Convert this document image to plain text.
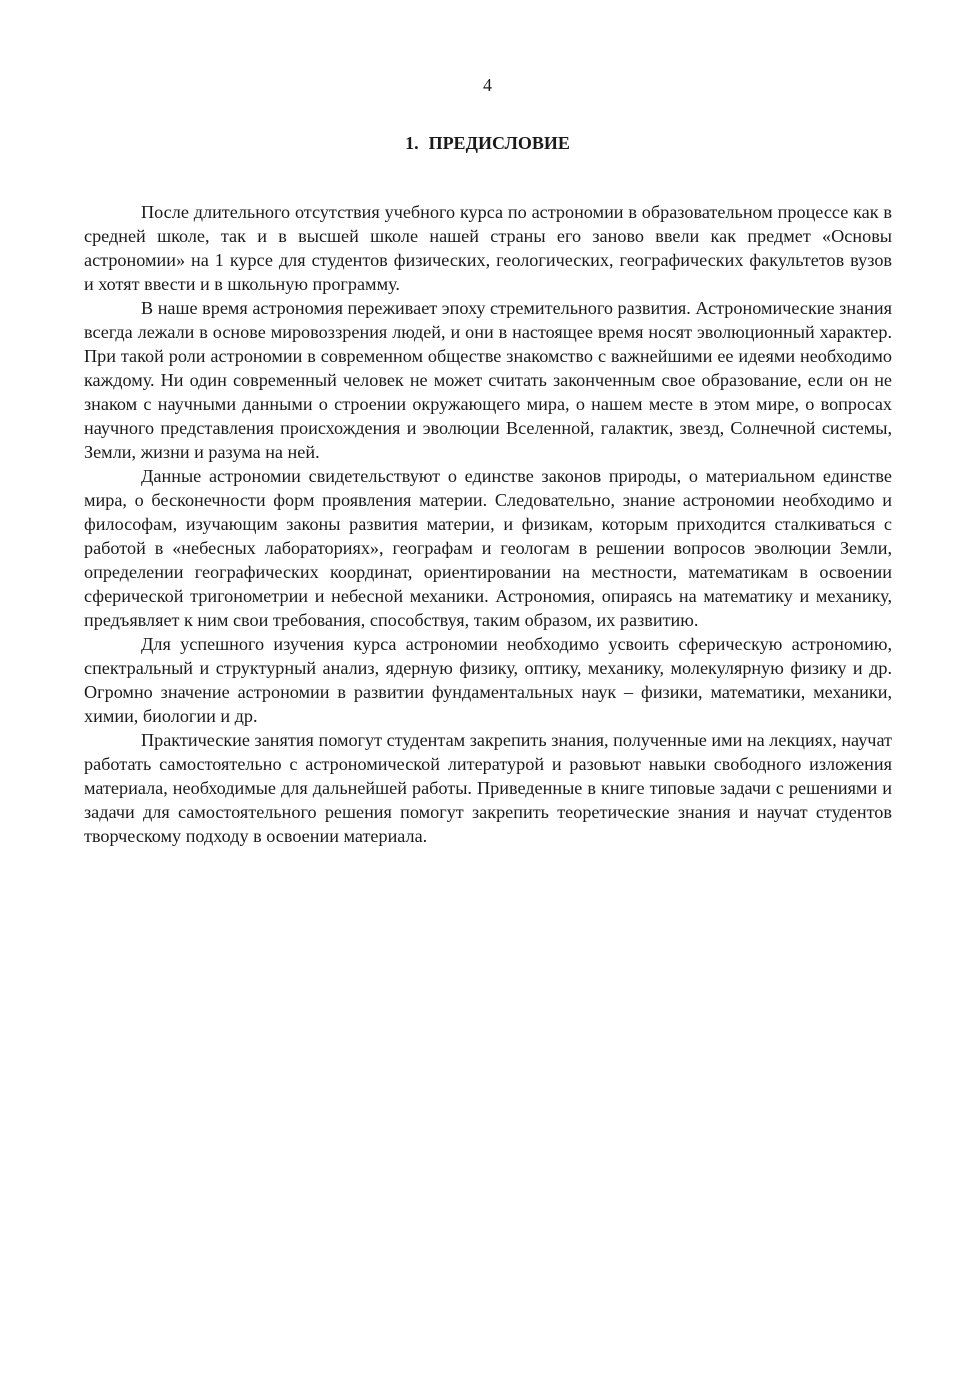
4
1. ПРЕДИСЛОВИЕ

После длительного отсутствия учебного курса по астрономии в образовательном процессе как в средней школе, так и в высшей школе нашей страны его заново ввели как предмет «Основы астрономии» на 1 курсе для студентов физических, геологических, географических факультетов вузов и хотят ввести и в школьную программу.

В наше время астрономия переживает эпоху стремительного развития. Астрономические знания всегда лежали в основе мировоззрения людей, и они в настоящее время носят эволюционный характер. При такой роли астрономии в современном обществе знакомство с важнейшими ее идеями необходимо каждому. Ни один современный человек не может считать законченным свое образование, если он не знаком с научными данными о строении окружающего мира, о нашем месте в этом мире, о вопросах научного представления происхождения и эволюции Вселенной, галактик, звезд, Солнечной системы, Земли, жизни и разума на ней.

Данные астрономии свидетельствуют о единстве законов природы, о материальном единстве мира, о бесконечности форм проявления материи. Следовательно, знание астрономии необходимо и философам, изучающим законы развития материи, и физикам, которым приходится сталкиваться с работой в «небесных лабораториях», географам и геологам в решении вопросов эволюции Земли, определении географических координат, ориентировании на местности, математикам в освоении сферической тригонометрии и небесной механики. Астрономия, опираясь на математику и механику, предъявляет к ним свои требования, способствуя, таким образом, их развитию.

Для успешного изучения курса астрономии необходимо усвоить сферическую астрономию, спектральный и структурный анализ, ядерную физику, оптику, механику, молекулярную физику и др. Огромно значение астрономии в развитии фундаментальных наук – физики, математики, механики, химии, биологии и др.

Практические занятия помогут студентам закрепить знания, полученные ими на лекциях, научат работать самостоятельно с астрономической литературой и разовьют навыки свободного изложения материала, необходимые для дальнейшей работы. Приведенные в книге типовые задачи с решениями и задачи для самостоятельного решения помогут закрепить теоретические знания и научат студентов творческому подходу в освоении материала.
